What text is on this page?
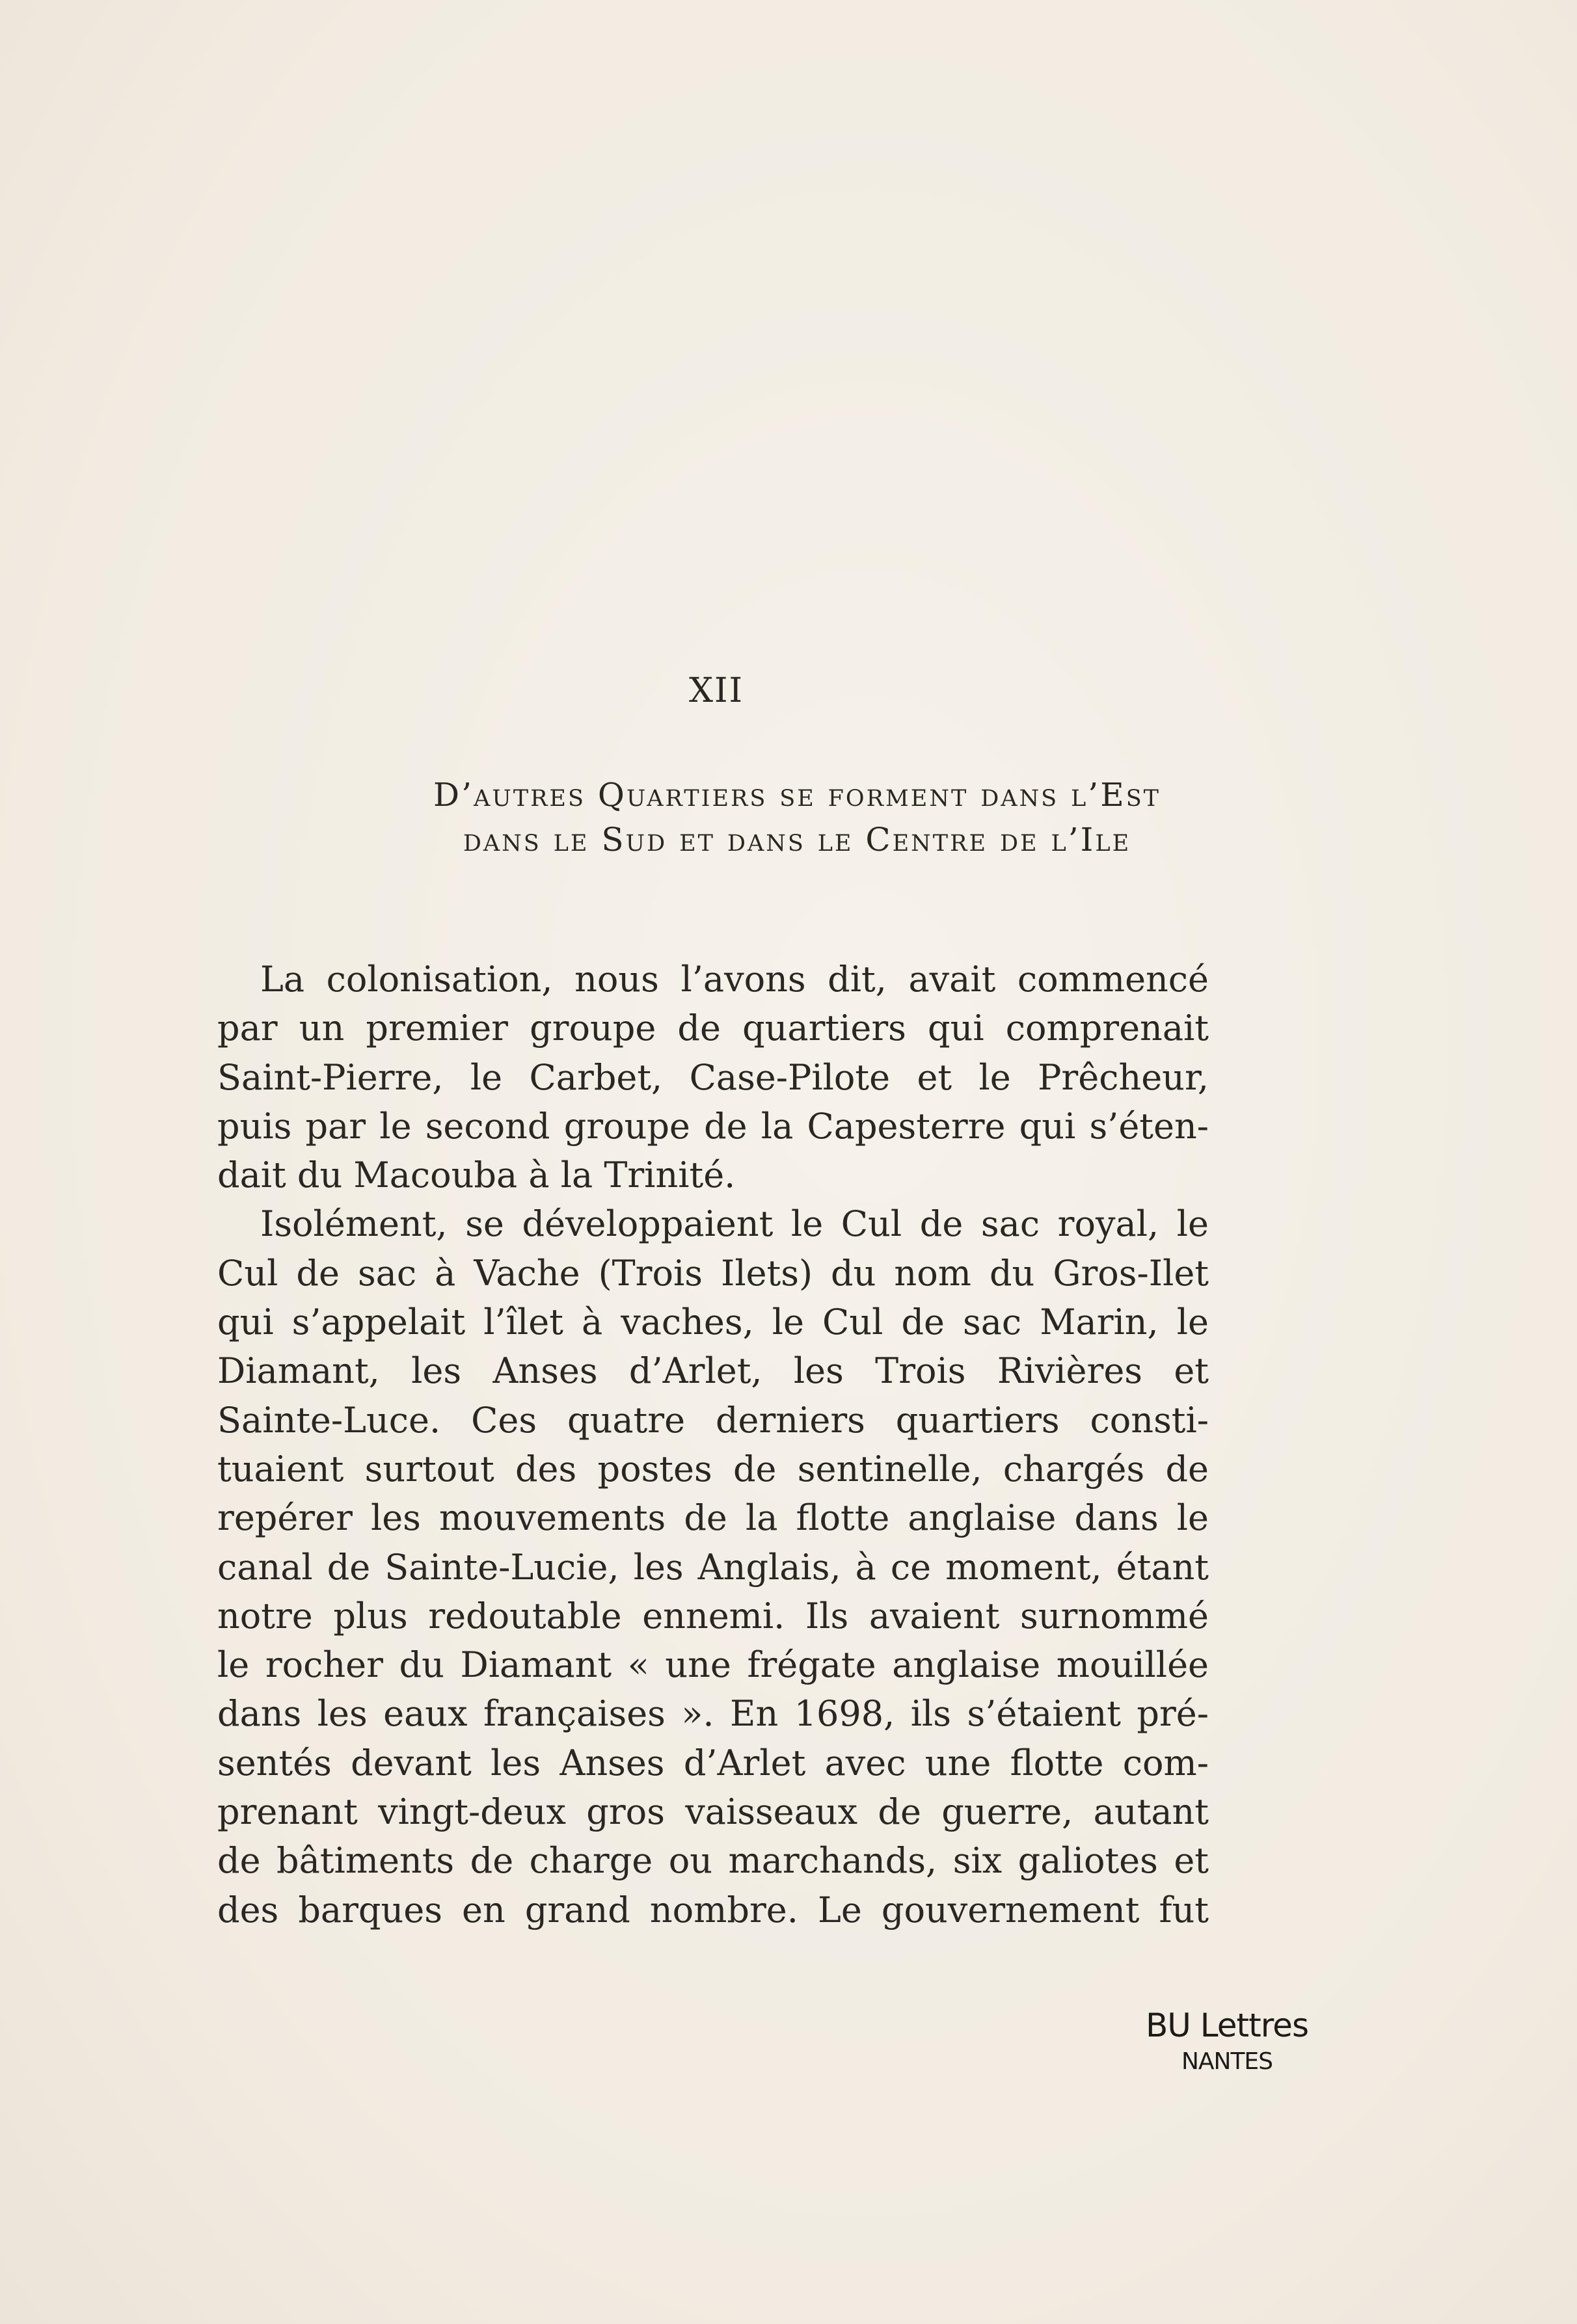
XII
D’autres Quartiers se forment dans l’Est
dans le Sud et dans le Centre de l’Ile
La colonisation, nous l’avons dit, avait commencé
par un premier groupe de quartiers qui comprenait
Saint-Pierre, le Carbet, Case-Pilote et le Prêcheur,
puis par le second groupe de la Capesterre qui s’éten-
dait du Macouba à la Trinité.
Isolément, se développaient le Cul de sac royal, le
Cul de sac à Vache (Trois Ilets) du nom du Gros-Ilet
qui s’appelait l’îlet à vaches, le Cul de sac Marin, le
Diamant, les Anses d’Arlet, les Trois Rivières et
Sainte-Luce. Ces quatre derniers quartiers consti-
tuaient surtout des postes de sentinelle, chargés de
repérer les mouvements de la flotte anglaise dans le
canal de Sainte-Lucie, les Anglais, à ce moment, étant
notre plus redoutable ennemi. Ils avaient surnommé
le rocher du Diamant « une frégate anglaise mouillée
dans les eaux françaises ». En 1698, ils s’étaient pré-
sentés devant les Anses d’Arlet avec une flotte com-
prenant vingt-deux gros vaisseaux de guerre, autant
de bâtiments de charge ou marchands, six galiotes et
des barques en grand nombre. Le gouvernement fut
BU Lettres
NANTES
